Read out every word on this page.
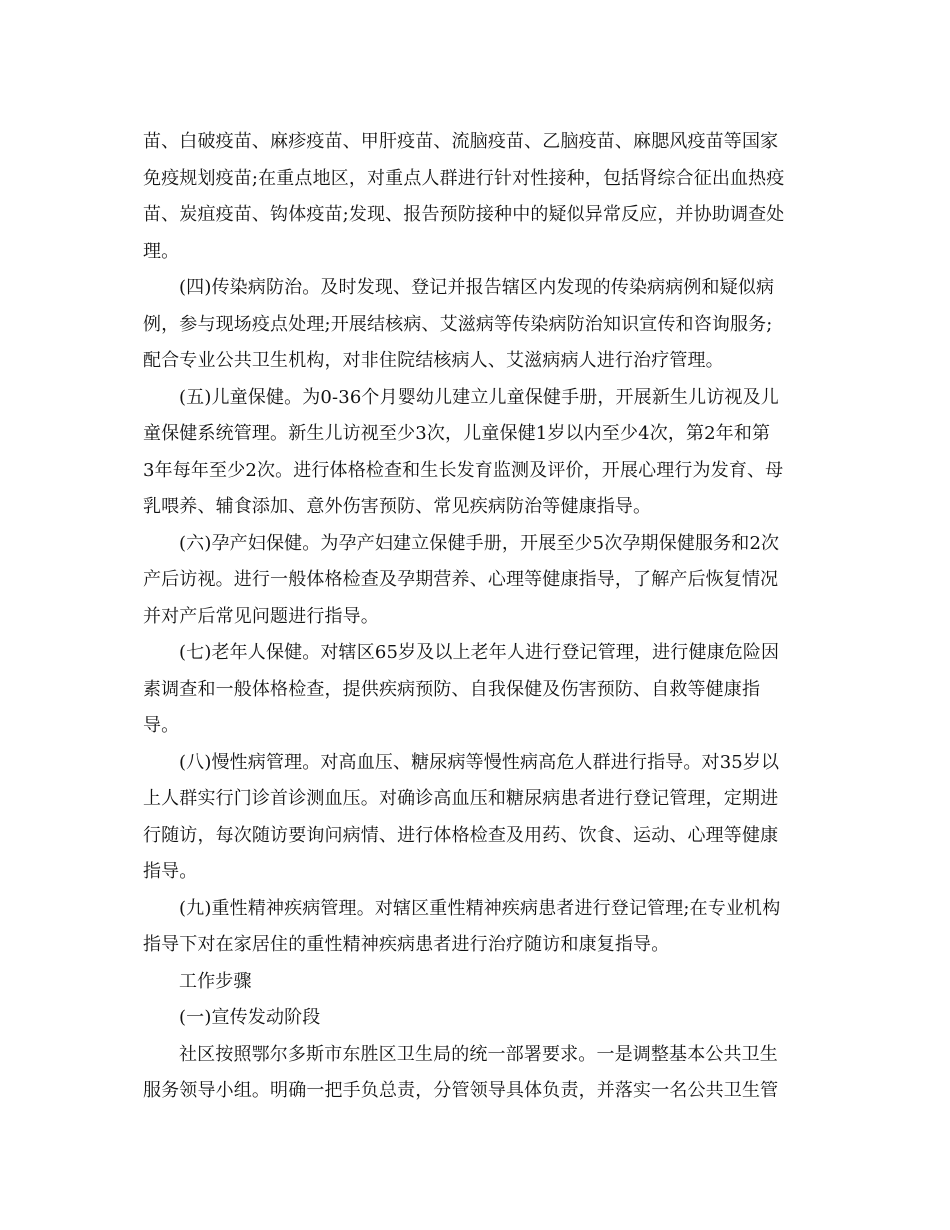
苗、白破疫苗、麻疹疫苗、甲肝疫苗、流脑疫苗、乙脑疫苗、麻腮风疫苗等国家
免疫规划疫苗;在重点地区，对重点人群进行针对性接种，包括肾综合征出血热疫
苗、炭疽疫苗、钩体疫苗;发现、报告预防接种中的疑似异常反应，并协助调查处
理。
(四)传染病防治。及时发现、登记并报告辖区内发现的传染病病例和疑似病
例，参与现场疫点处理;开展结核病、艾滋病等传染病防治知识宣传和咨询服务;
配合专业公共卫生机构，对非住院结核病人、艾滋病病人进行治疗管理。
(五)儿童保健。为0-36个月婴幼儿建立儿童保健手册，开展新生儿访视及儿
童保健系统管理。新生儿访视至少3次，儿童保健1岁以内至少4次，第2年和第
3年每年至少2次。进行体格检查和生长发育监测及评价，开展心理行为发育、母
乳喂养、辅食添加、意外伤害预防、常见疾病防治等健康指导。
(六)孕产妇保健。为孕产妇建立保健手册，开展至少5次孕期保健服务和2次
产后访视。进行一般体格检查及孕期营养、心理等健康指导，了解产后恢复情况
并对产后常见问题进行指导。
(七)老年人保健。对辖区65岁及以上老年人进行登记管理，进行健康危险因
素调查和一般体格检查，提供疾病预防、自我保健及伤害预防、自救等健康指
导。
(八)慢性病管理。对高血压、糖尿病等慢性病高危人群进行指导。对35岁以
上人群实行门诊首诊测血压。对确诊高血压和糖尿病患者进行登记管理，定期进
行随访，每次随访要询问病情、进行体格检查及用药、饮食、运动、心理等健康
指导。
(九)重性精神疾病管理。对辖区重性精神疾病患者进行登记管理;在专业机构
指导下对在家居住的重性精神疾病患者进行治疗随访和康复指导。
工作步骤
(一)宣传发动阶段
社区按照鄂尔多斯市东胜区卫生局的统一部署要求。一是调整基本公共卫生
服务领导小组。明确一把手负总责，分管领导具体负责，并落实一名公共卫生管
